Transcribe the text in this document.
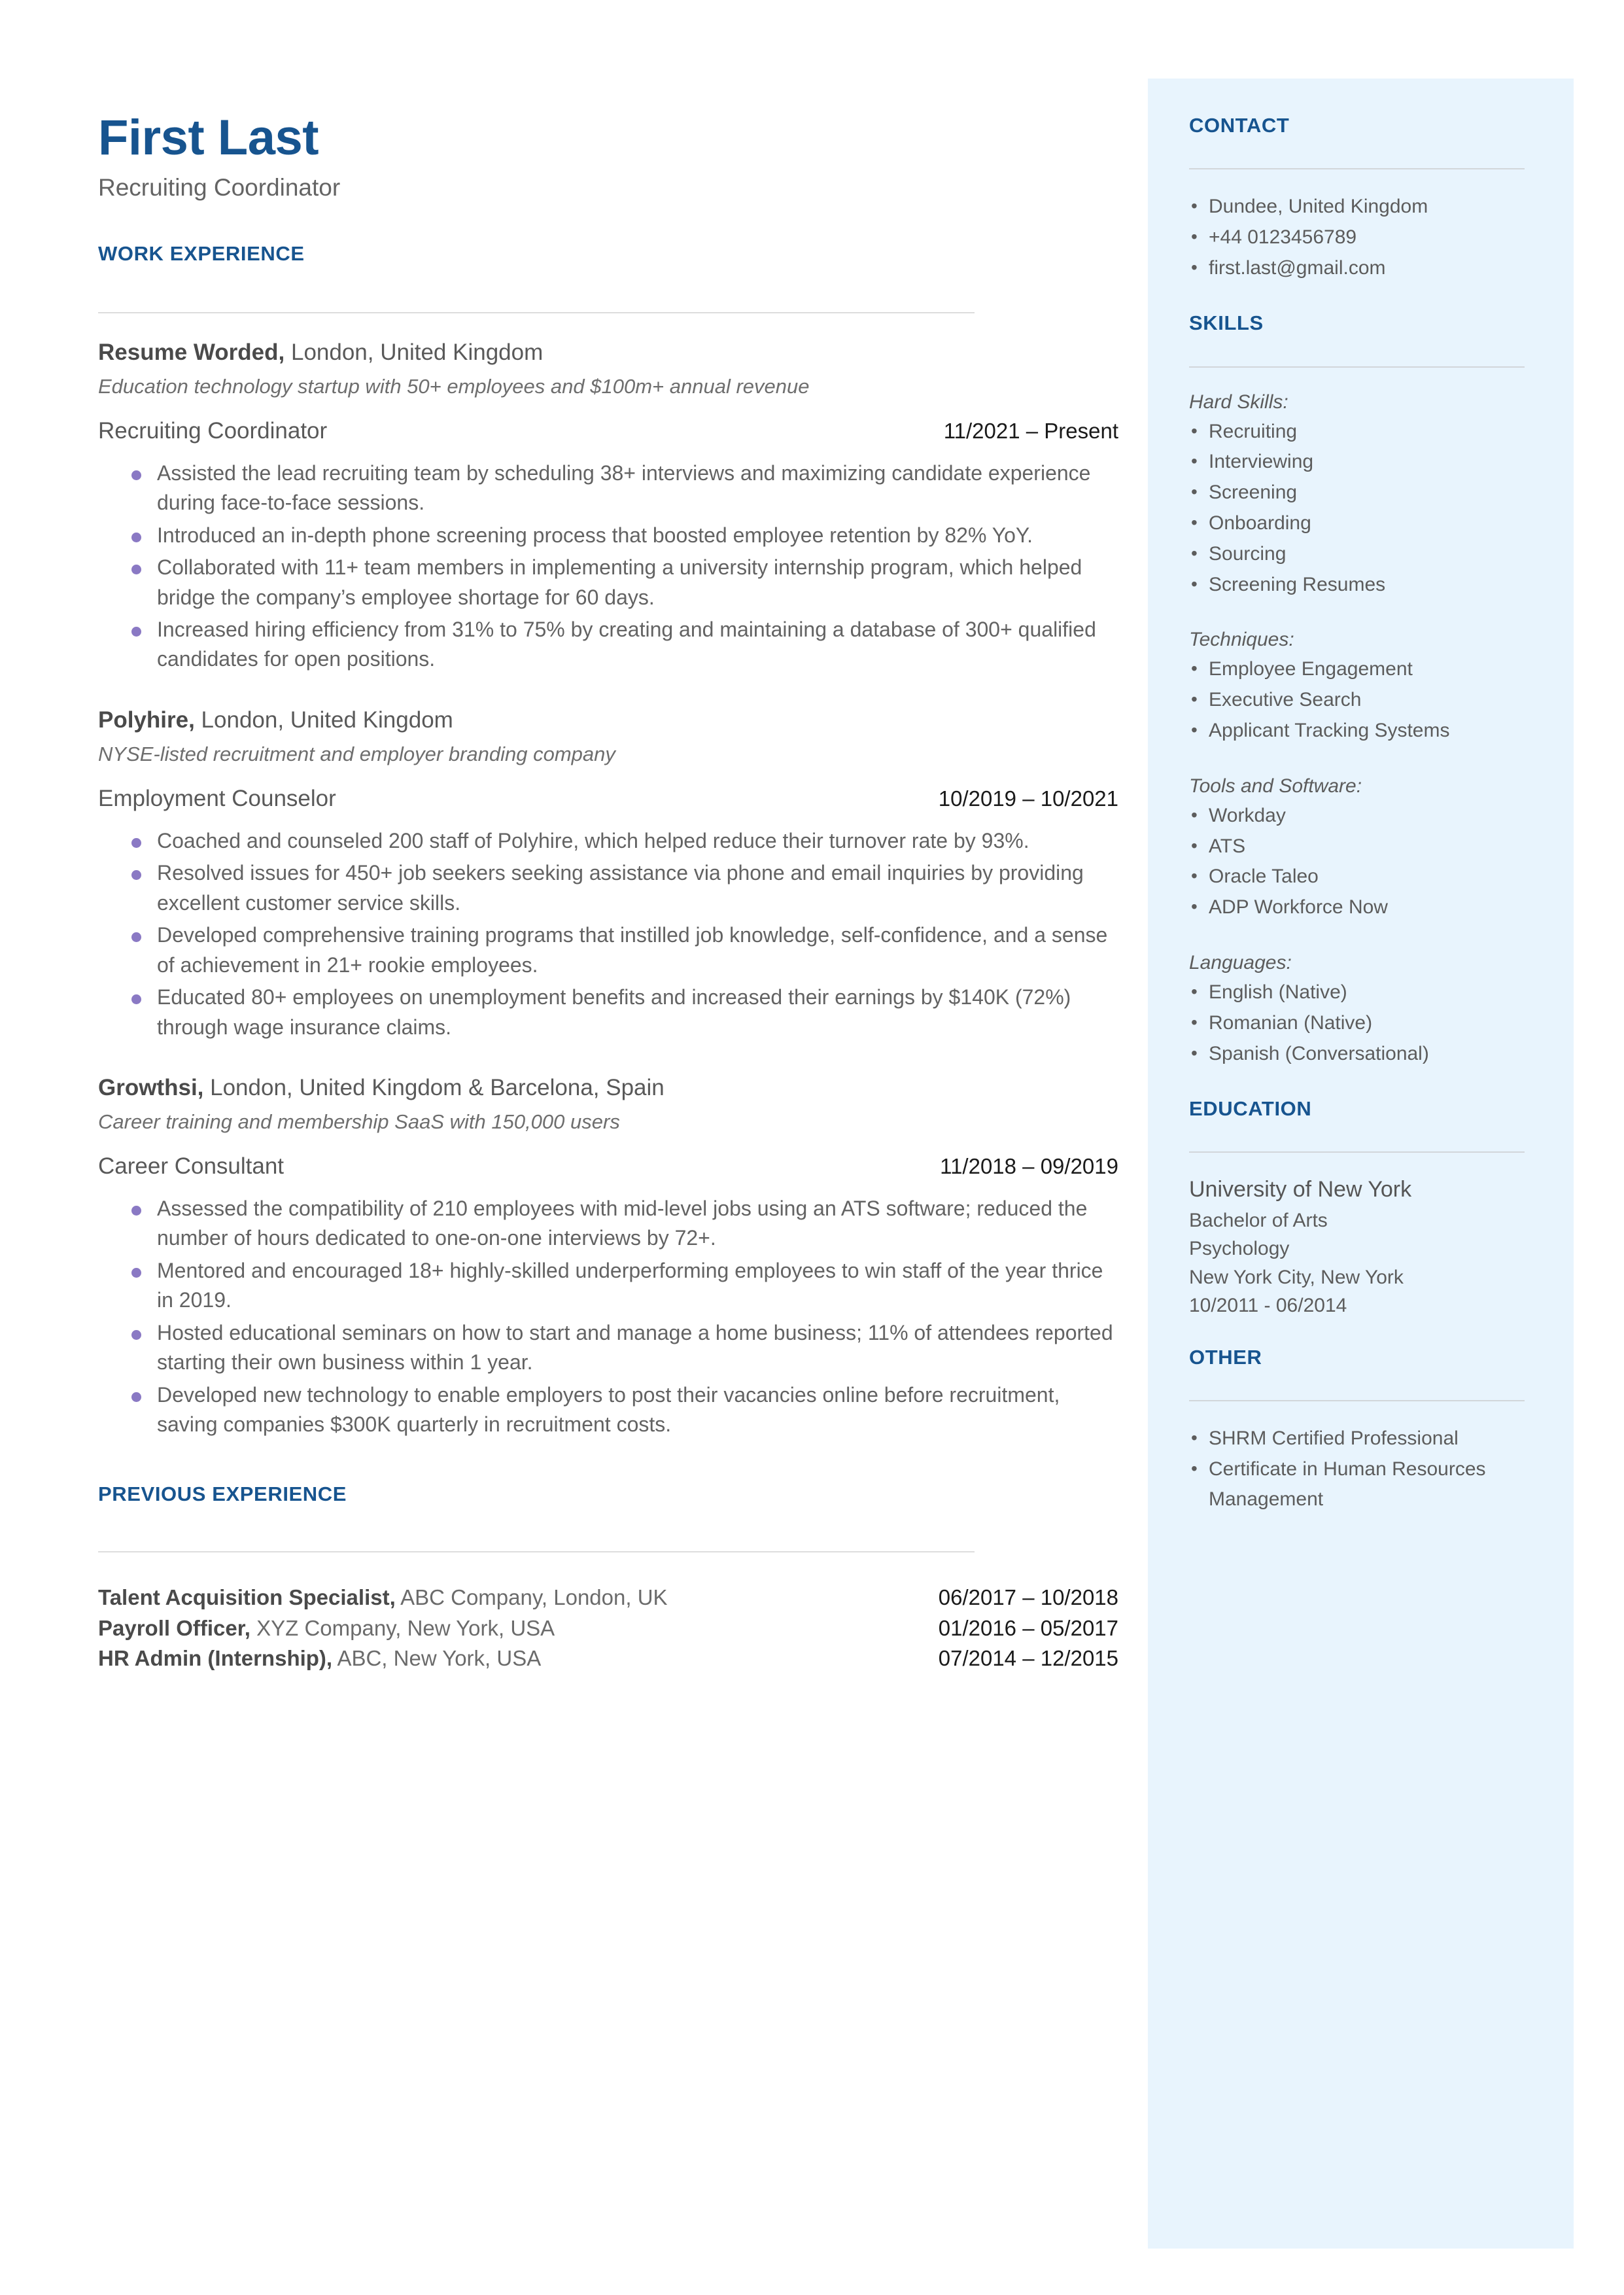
First Last
Recruiting Coordinator
WORK EXPERIENCE
Resume Worded, London, United Kingdom
Education technology startup with 50+ employees and $100m+ annual revenue
Recruiting Coordinator	11/2021 – Present
Assisted the lead recruiting team by scheduling 38+ interviews and maximizing candidate experience during face-to-face sessions.
Introduced an in-depth phone screening process that boosted employee retention by 82% YoY.
Collaborated with 11+ team members in implementing a university internship program, which helped bridge the company’s employee shortage for 60 days.
Increased hiring efficiency from 31% to 75% by creating and maintaining a database of 300+ qualified candidates for open positions.
Polyhire, London, United Kingdom
NYSE-listed recruitment and employer branding company
Employment Counselor	10/2019 – 10/2021
Coached and counseled 200 staff of Polyhire, which helped reduce their turnover rate by 93%.
Resolved issues for 450+ job seekers seeking assistance via phone and email inquiries by providing excellent customer service skills.
Developed comprehensive training programs that instilled job knowledge, self-confidence, and a sense of achievement in 21+ rookie employees.
Educated 80+ employees on unemployment benefits and increased their earnings by $140K (72%) through wage insurance claims.
Growthsi, London, United Kingdom & Barcelona, Spain
Career training and membership SaaS with 150,000 users
Career Consultant	11/2018 – 09/2019
Assessed the compatibility of 210 employees with mid-level jobs using an ATS software; reduced the number of hours dedicated to one-on-one interviews by 72+.
Mentored and encouraged 18+ highly-skilled underperforming employees to win staff of the year thrice in 2019.
Hosted educational seminars on how to start and manage a home business; 11% of attendees reported starting their own business within 1 year.
Developed new technology to enable employers to post their vacancies online before recruitment, saving companies $300K quarterly in recruitment costs.
PREVIOUS EXPERIENCE
Talent Acquisition Specialist, ABC Company, London, UK	06/2017 – 10/2018
Payroll Officer, XYZ Company, New York, USA	01/2016 – 05/2017
HR Admin (Internship), ABC, New York, USA	07/2014 – 12/2015
CONTACT
• Dundee, United Kingdom
• +44 0123456789
• first.last@gmail.com
SKILLS
Hard Skills:
• Recruiting
• Interviewing
• Screening
• Onboarding
• Sourcing
• Screening Resumes
Techniques:
• Employee Engagement
• Executive Search
• Applicant Tracking Systems
Tools and Software:
• Workday
• ATS
• Oracle Taleo
• ADP Workforce Now
Languages:
• English (Native)
• Romanian (Native)
• Spanish (Conversational)
EDUCATION
University of New York
Bachelor of Arts
Psychology
New York City, New York
10/2011 - 06/2014
OTHER
• SHRM Certified Professional
• Certificate in Human Resources Management
